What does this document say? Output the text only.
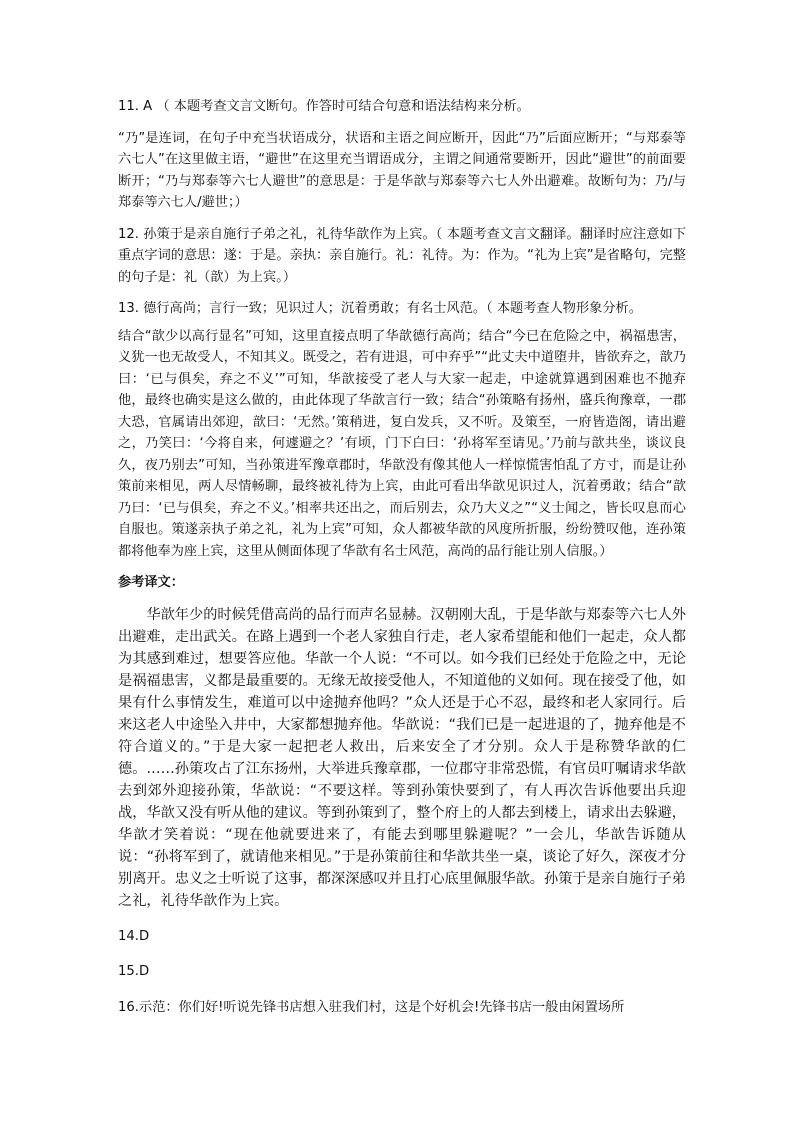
11. A （ 本题考查文言文断句。作答时可结合句意和语法结构来分析。

“乃”是连词，在句子中充当状语成分，状语和主语之间应断开，因此“乃”后面应断开；“与郑泰等六七人”在这里做主语，“避世”在这里充当谓语成分，主谓之间通常要断开，因此“避世”的前面要断开；“乃与郑泰等六七人避世”的意思是：于是华歆与郑泰等六七人外出避难。故断句为：乃/与郑泰等六七人/避世；）

12. 孙策于是亲自施行子弟之礼，礼待华歆作为上宾。（ 本题考查文言文翻译。翻译时应注意如下重点字词的意思：遂：于是。亲执：亲自施行。礼：礼待。为：作为。“礼为上宾”是省略句，完整的句子是：礼（歆）为上宾。）

13. 德行高尚；言行一致；见识过人；沉着勇敢；有名士风范。（ 本题考查人物形象分析。

结合“歆少以高行显名”可知，这里直接点明了华歆德行高尚；结合“今已在危险之中，祸福患害，义犹一也无故受人，不知其义。既受之，若有进退，可中弃乎”“此丈夫中道堕井，皆欲弃之，歆乃曰：‘已与俱矣，弃之不义’”可知，华歆接受了老人与大家一起走，中途就算遇到困难也不抛弃他，最终也确实是这么做的，由此体现了华歆言行一致；结合“孙策略有扬州，盛兵徇豫章，一郡大恐，官属请出郊迎，歆曰：‘无然。’策稍进，复白发兵，又不听。及策至，一府皆造阁，请出避之，乃笑曰：‘今将自来，何遽避之？’有顷，门下白曰：‘孙将军至请见。’乃前与歆共坐，谈议良久，夜乃别去”可知，当孙策进军豫章郡时，华歆没有像其他人一样惊慌害怕乱了方寸，而是让孙策前来相见，两人尽情畅聊，最终被礼待为上宾，由此可看出华歆见识过人，沉着勇敢；结合“歆乃曰：‘已与俱矣，弃之不义。’相率共还出之，而后别去，众乃大义之”“义士闻之，皆长叹息而心自服也。策遂亲执子弟之礼，礼为上宾”可知，众人都被华歆的风度所折服，纷纷赞叹他，连孙策都将他奉为座上宾，这里从侧面体现了华歆有名士风范，高尚的品行能让别人信服。）

参考译文：

华歆年少的时候凭借高尚的品行而声名显赫。汉朝刚大乱，于是华歆与郑泰等六七人外出避难，走出武关。在路上遇到一个老人家独自行走，老人家希望能和他们一起走，众人都为其感到难过，想要答应他。华歆一个人说：“不可以。如今我们已经处于危险之中，无论是祸福患害，义都是最重要的。无缘无故接受他人，不知道他的义如何。现在接受了他，如果有什么事情发生，难道可以中途抛弃他吗？”众人还是于心不忍，最终和老人家同行。后来这老人中途坠入井中，大家都想抛弃他。华歆说：“我们已是一起进退的了，抛弃他是不符合道义的。”于是大家一起把老人救出，后来安全了才分别。众人于是称赞华歆的仁德。……孙策攻占了江东扬州，大举进兵豫章郡，一位郡守非常恐慌，有官员叮嘱请求华歆去到郊外迎接孙策，华歆说：“不要这样。等到孙策快要到了，有人再次告诉他要出兵迎战，华歆又没有听从他的建议。等到孙策到了，整个府上的人都去到楼上，请求出去躲避，华歆才笑着说：“现在他就要进来了，有能去到哪里躲避呢？”一会儿，华歆告诉随从说：“孙将军到了，就请他来相见。”于是孙策前往和华歆共坐一桌，谈论了好久，深夜才分别离开。忠义之士听说了这事，都深深感叹并且打心底里佩服华歆。孙策于是亲自施行子弟之礼，礼待华歆作为上宾。

14.D

15.D

16.示范：你们好!听说先锋书店想入驻我们村，这是个好机会!先锋书店一般由闲置场所
